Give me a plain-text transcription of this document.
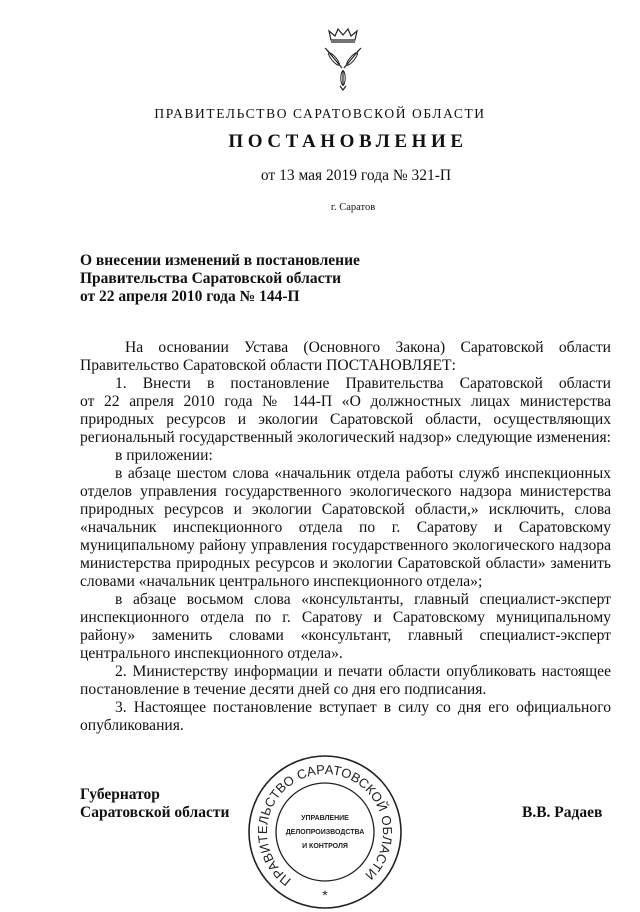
ПРАВИТЕЛЬСТВО САРАТОВСКОЙ ОБЛАСТИ
ПОСТАНОВЛЕНИЕ
от 13 мая 2019 года № 321-П
г. Саратов
О внесении изменений в постановление
Правительства Саратовской области
от 22 апреля 2010 года № 144-П
На основании Устава (Основного Закона) Саратовской области
Правительство Саратовской области ПОСТАНОВЛЯЕТ:
1. Внести в постановление Правительства Саратовской области
от 22 апреля 2010 года № 144-П «О должностных лицах министерства
природных ресурсов и экологии Саратовской области, осуществляющих
региональный государственный экологический надзор» следующие изменения:
в приложении:
в абзаце шестом слова «начальник отдела работы служб инспекционных
отделов управления государственного экологического надзора министерства
природных ресурсов и экологии Саратовской области,» исключить, слова
«начальник инспекционного отдела по г. Саратову и Саратовскому
муниципальному району управления государственного экологического надзора
министерства природных ресурсов и экологии Саратовской области» заменить
словами «начальник центрального инспекционного отдела»;
в абзаце восьмом слова «консультанты, главный специалист-эксперт
инспекционного отдела по г. Саратову и Саратовскому муниципальному
району» заменить словами «консультант, главный специалист-эксперт
центрального инспекционного отдела».
2. Министерству информации и печати области опубликовать настоящее
постановление в течение десяти дней со дня его подписания.
3. Настоящее постановление вступает в силу со дня его официального
опубликования.
Губернатор
Саратовской области	В.В. Радаев
ПРАВИТЕЛЬСТВО САРАТОВСКОЙ ОБЛАСТИ
УПРАВЛЕНИЕ
ДЕЛОПРОИЗВОДСТВА
И КОНТРОЛЯ
*
